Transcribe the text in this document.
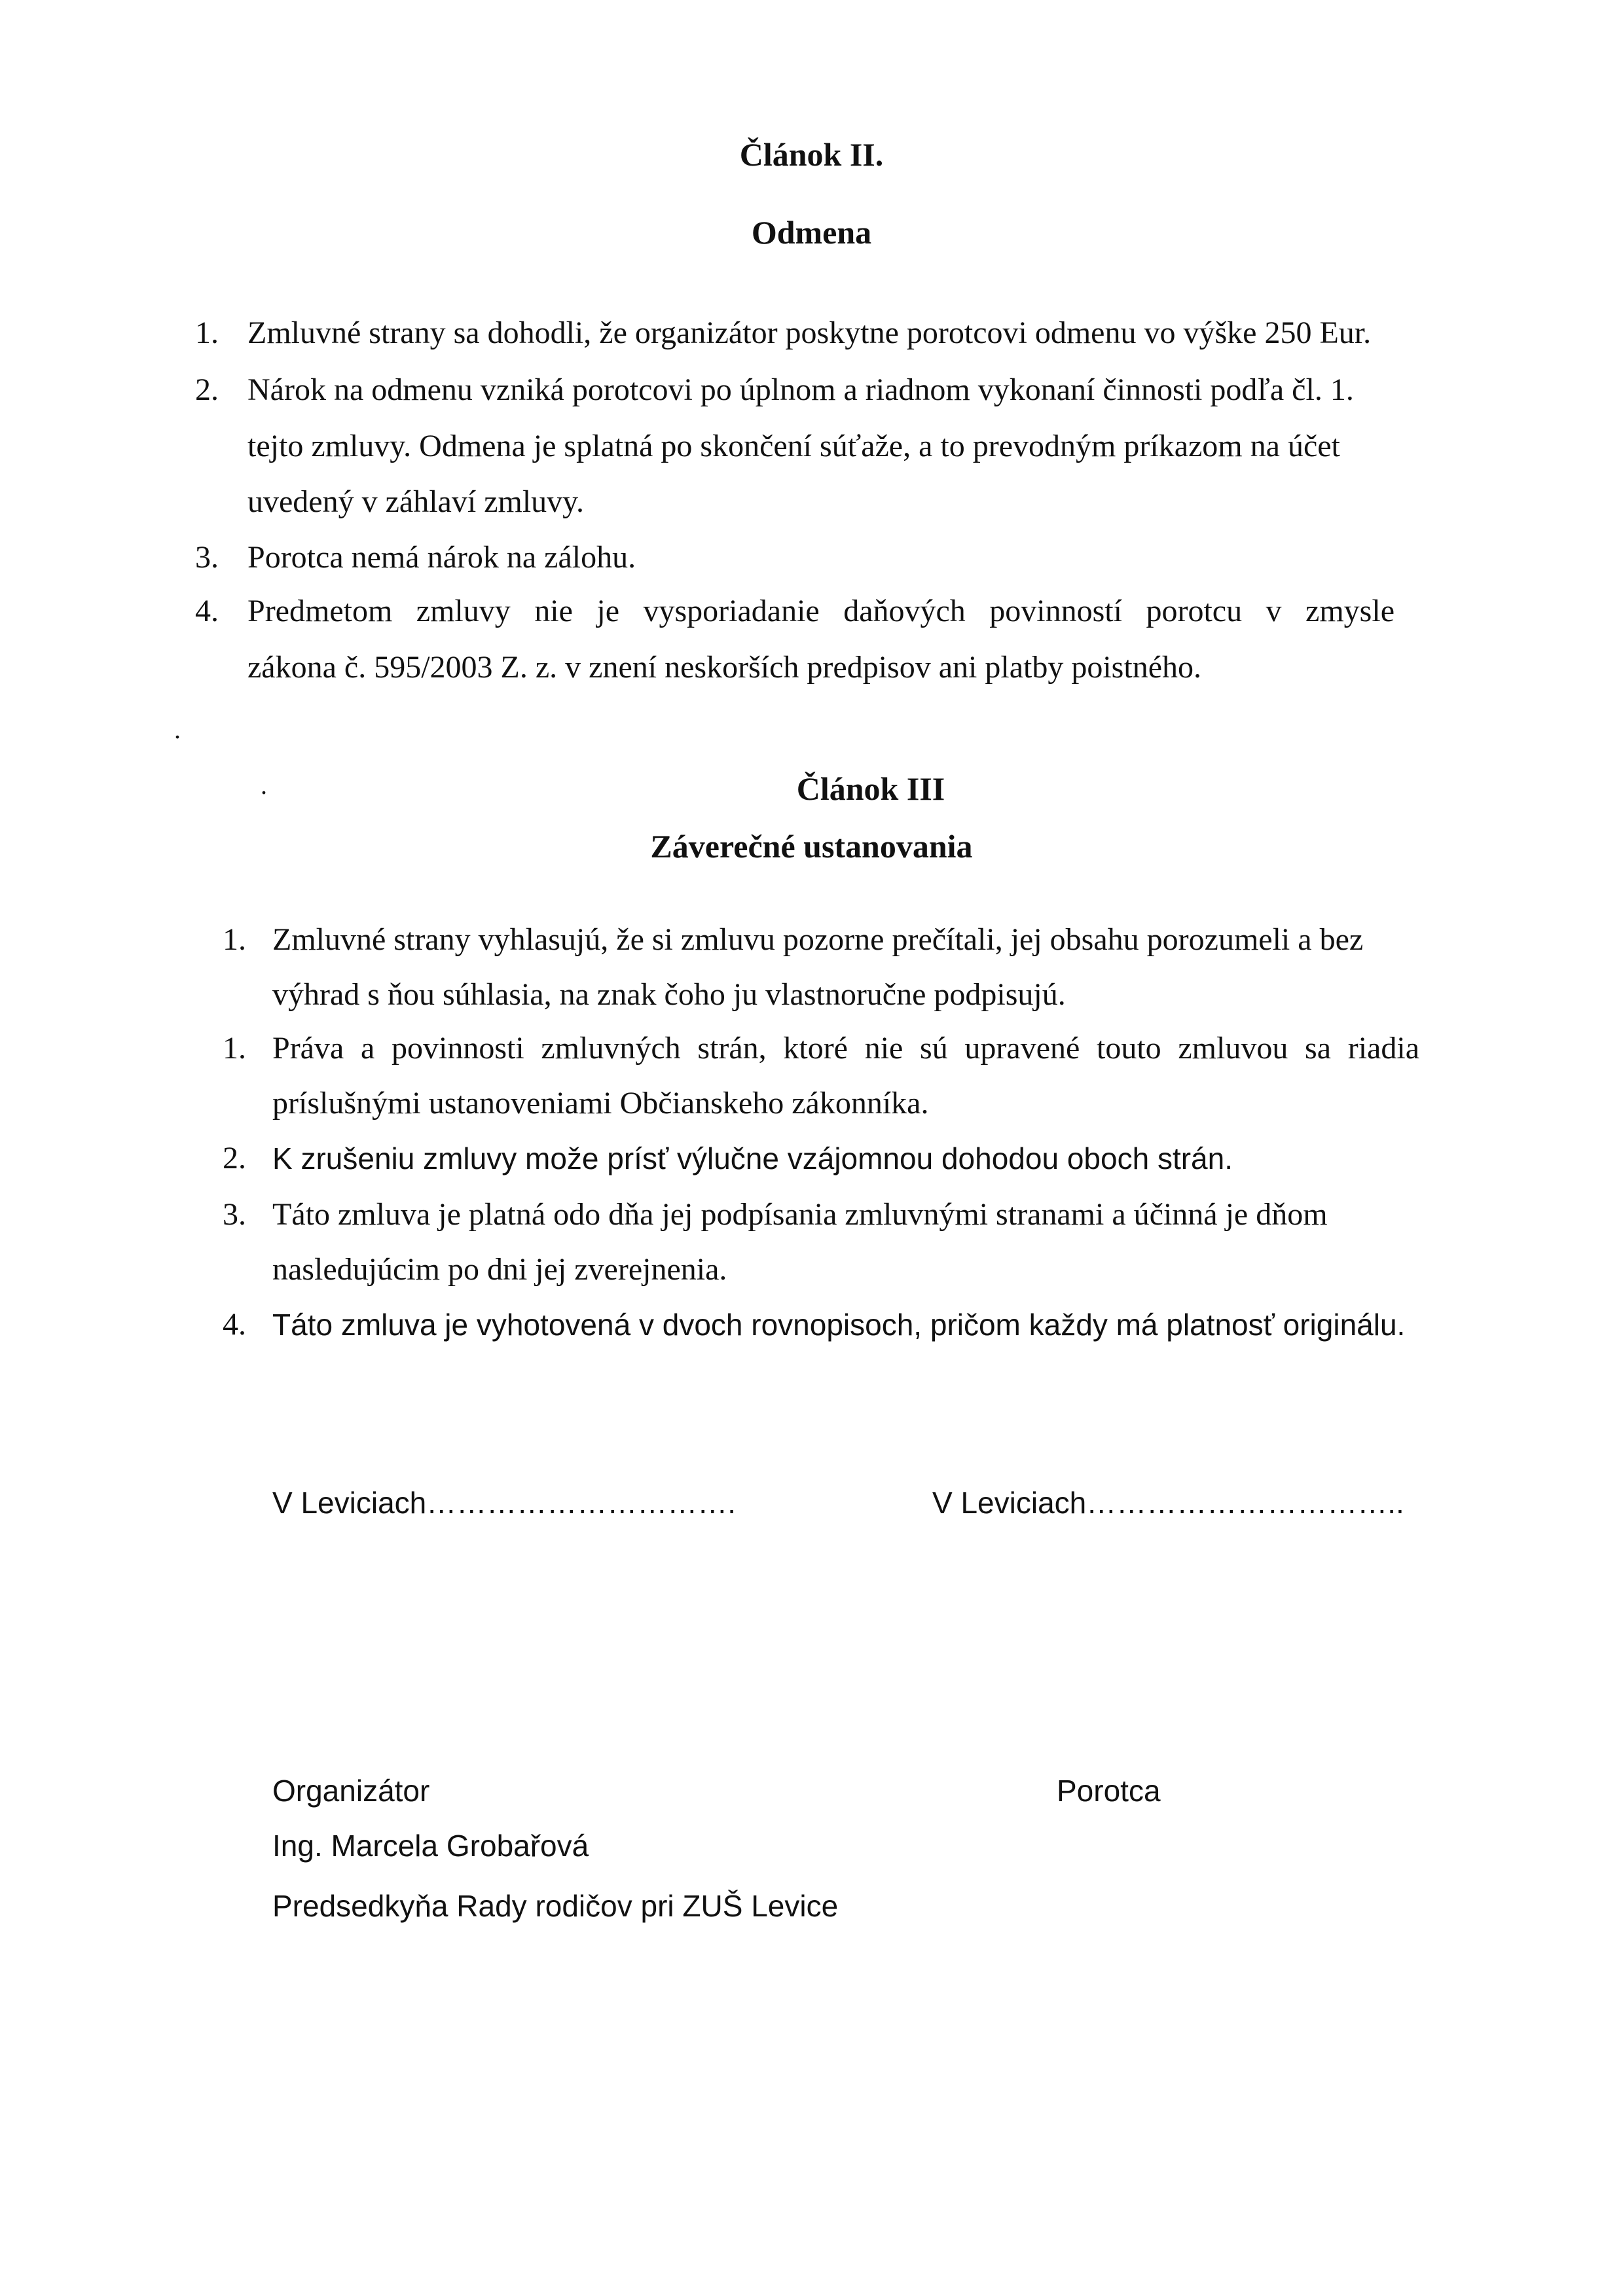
Článok II.
Odmena
1. Zmluvné strany sa dohodli, že organizátor poskytne porotcovi odmenu vo výške 250 Eur.
2. Nárok na odmenu vzniká porotcovi po úplnom a riadnom vykonaní činnosti podľa čl. 1.
tejto zmluvy. Odmena je splatná po skončení súťaže, a to prevodným príkazom na účet
uvedený v záhlaví zmluvy.
3. Porotca nemá nárok na zálohu.
4. Predmetom zmluvy nie je vysporiadanie daňových povinností porotcu v zmysle
zákona č. 595/2003 Z. z. v znení neskorších predpisov ani platby poistného.
.
.	Článok III
Záverečné ustanovania
1. Zmluvné strany vyhlasujú, že si zmluvu pozorne prečítali, jej obsahu porozumeli a bez
výhrad s ňou súhlasia, na znak čoho ju vlastnoručne podpisujú.
1. Práva a povinnosti zmluvných strán, ktoré nie sú upravené touto zmluvou sa riadia
príslušnými ustanoveniami Občianskeho zákonníka.
2. K zrušeniu zmluvy može prísť výlučne vzájomnou dohodou oboch strán.
3. Táto zmluva je platná odo dňa jej podpísania zmluvnými stranami a účinná je dňom
nasledujúcim po dni jej zverejnenia.
4. Táto zmluva je vyhotovená v dvoch rovnopisoch, pričom každy má platnosť originálu.
V Leviciach………………………….	V Leviciach…………………………..
Organizátor	Porotca
Ing. Marcela Grobařová
Predsedkyňa Rady rodičov pri ZUŠ Levice
